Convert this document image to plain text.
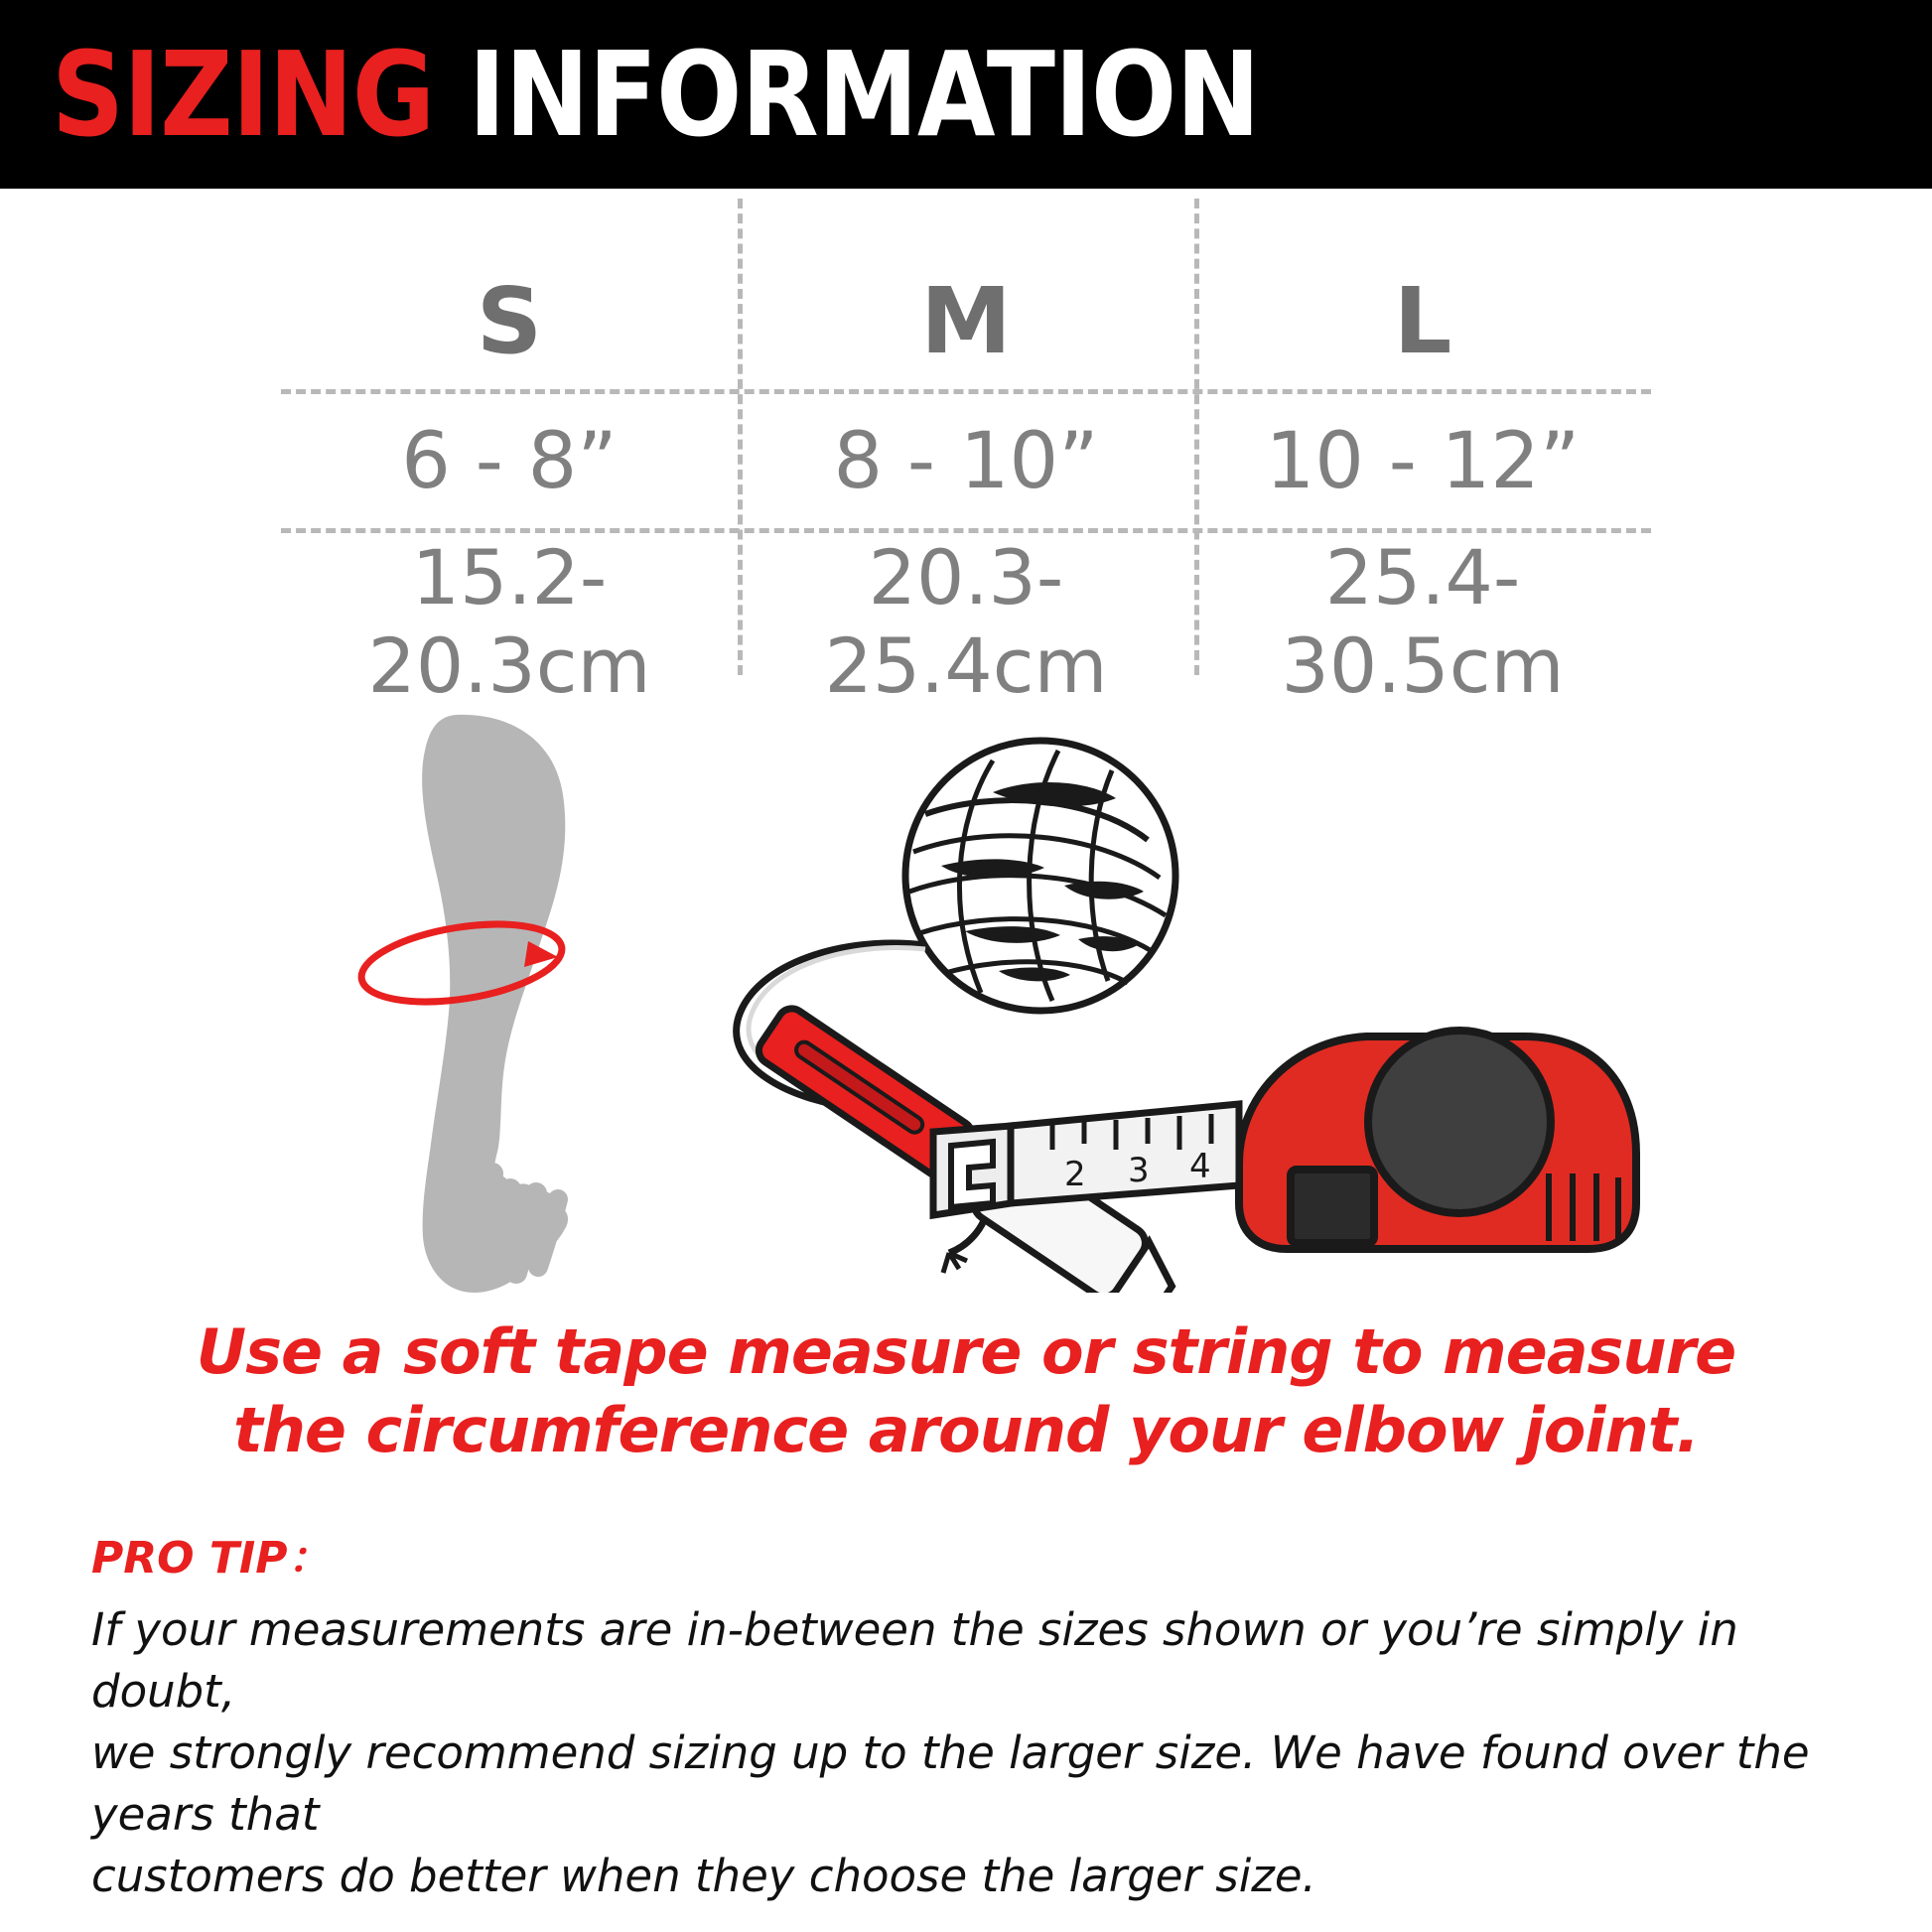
SIZING INFORMATION
S	M	L
6 - 8”	8 - 10”	10 - 12”
15.2-20.3cm	20.3-25.4cm	25.4-30.5cm
2 3 4
Use a soft tape measure or string to measure
the circumference around your elbow joint.
PRO TIP：
If your measurements are in-between the sizes shown or you’re simply in doubt,
we strongly recommend sizing up to the larger size. We have found over the years that
customers do better when they choose the larger size.
